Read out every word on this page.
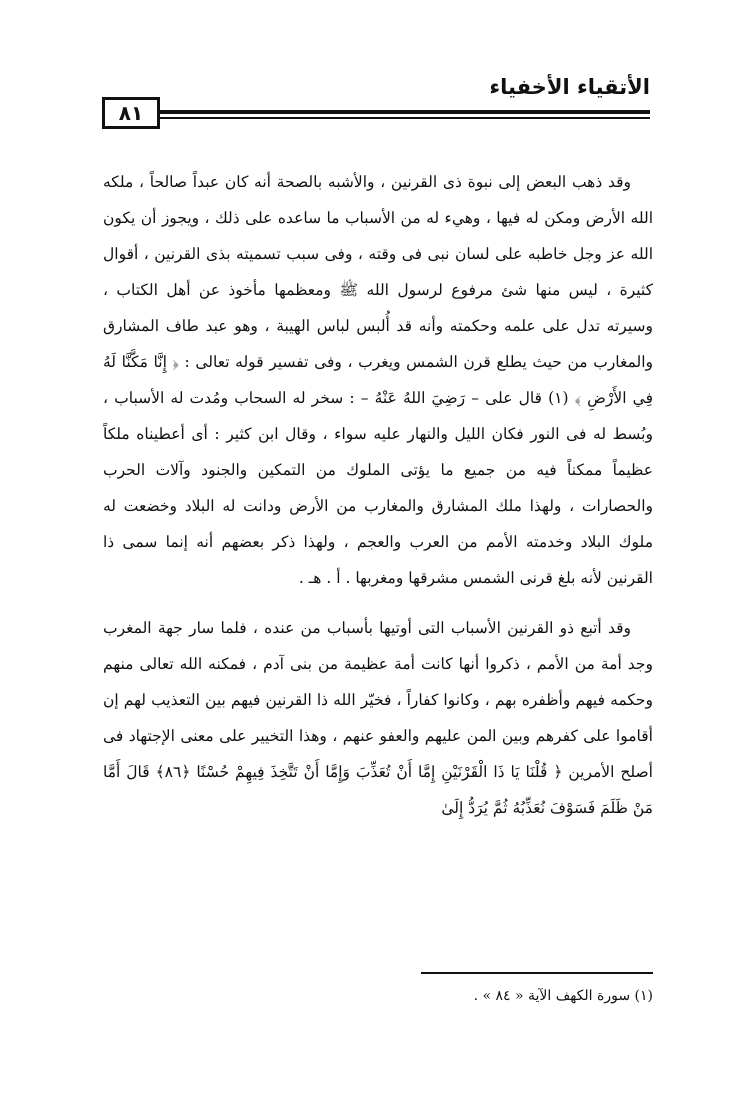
الأتقياء الأخفياء
٨١

وقد ذهب البعض إلى نبوة ذى القرنين ، والأشبه بالصحة أنه كان عبداً صالحاً ، ملكه الله الأرض ومكن له فيها ، وهيء له من الأسباب ما ساعده على ذلك ، ويجوز أن يكون الله عز وجل خاطبه على لسان نبى فى وقته ، وفى سبب تسميته بذى القرنين ، أقوال كثيرة ، ليس منها شئ مرفوع لرسول الله ﷺ ومعظمها مأخوذ عن أهل الكتاب ، وسيرته تدل على علمه وحكمته وأنه قد أُلبس لباس الهيبة ، وهو عبد طاف المشارق والمغارب من حيث يطلع قرن الشمس ويغرب ، وفى تفسير قوله تعالى : ﴿ إِنَّا مَكَّنَّا لَهُ فِي الأَرْضِ ﴾ (١) قال على – رَضِيَ اللهُ عَنْهُ – : سخر له السحاب ومُدت له الأسباب ، وبُسط له فى النور فكان الليل والنهار عليه سواء ، وقال ابن كثير : أى أعطيناه ملكاً عظيماً ممكناً فيه من جميع ما يؤتى الملوك من التمكين والجنود وآلات الحرب والحصارات ، ولهذا ملك المشارق والمغارب من الأرض ودانت له البلاد وخضعت له ملوك البلاد وخدمته الأمم من العرب والعجم ، ولهذا ذكر بعضهم أنه إنما سمى ذا القرنين لأنه بلغ قرنى الشمس مشرقها ومغربها . أ . هـ .

وقد أتبع ذو القرنين الأسباب التى أوتيها بأسباب من عنده ، فلما سار جهة المغرب وجد أمة من الأمم ، ذكروا أنها كانت أمة عظيمة من بنى آدم ، فمكنه الله تعالى منهم وحكمه فيهم وأظفره بهم ، وكانوا كفاراً ، فخيّر الله ذا القرنين فيهم بين التعذيب لهم إن أقاموا على كفرهم وبين المن عليهم والعفو عنهم ، وهذا التخيير على معنى الإجتهاد فى أصلح الأمرين ﴿ قُلْنَا يَا ذَا الْقَرْنَيْنِ إِمَّا أَنْ تُعَذِّبَ وَإِمَّا أَنْ تَتَّخِذَ فِيهِمْ حُسْنًا ﴿٨٦﴾ قَالَ أَمَّا مَنْ ظَلَمَ فَسَوْفَ نُعَذِّبُهُ ثُمَّ يُرَدُّ إِلَىٰ

(١) سورة الكهف الآية « ٨٤ » .
